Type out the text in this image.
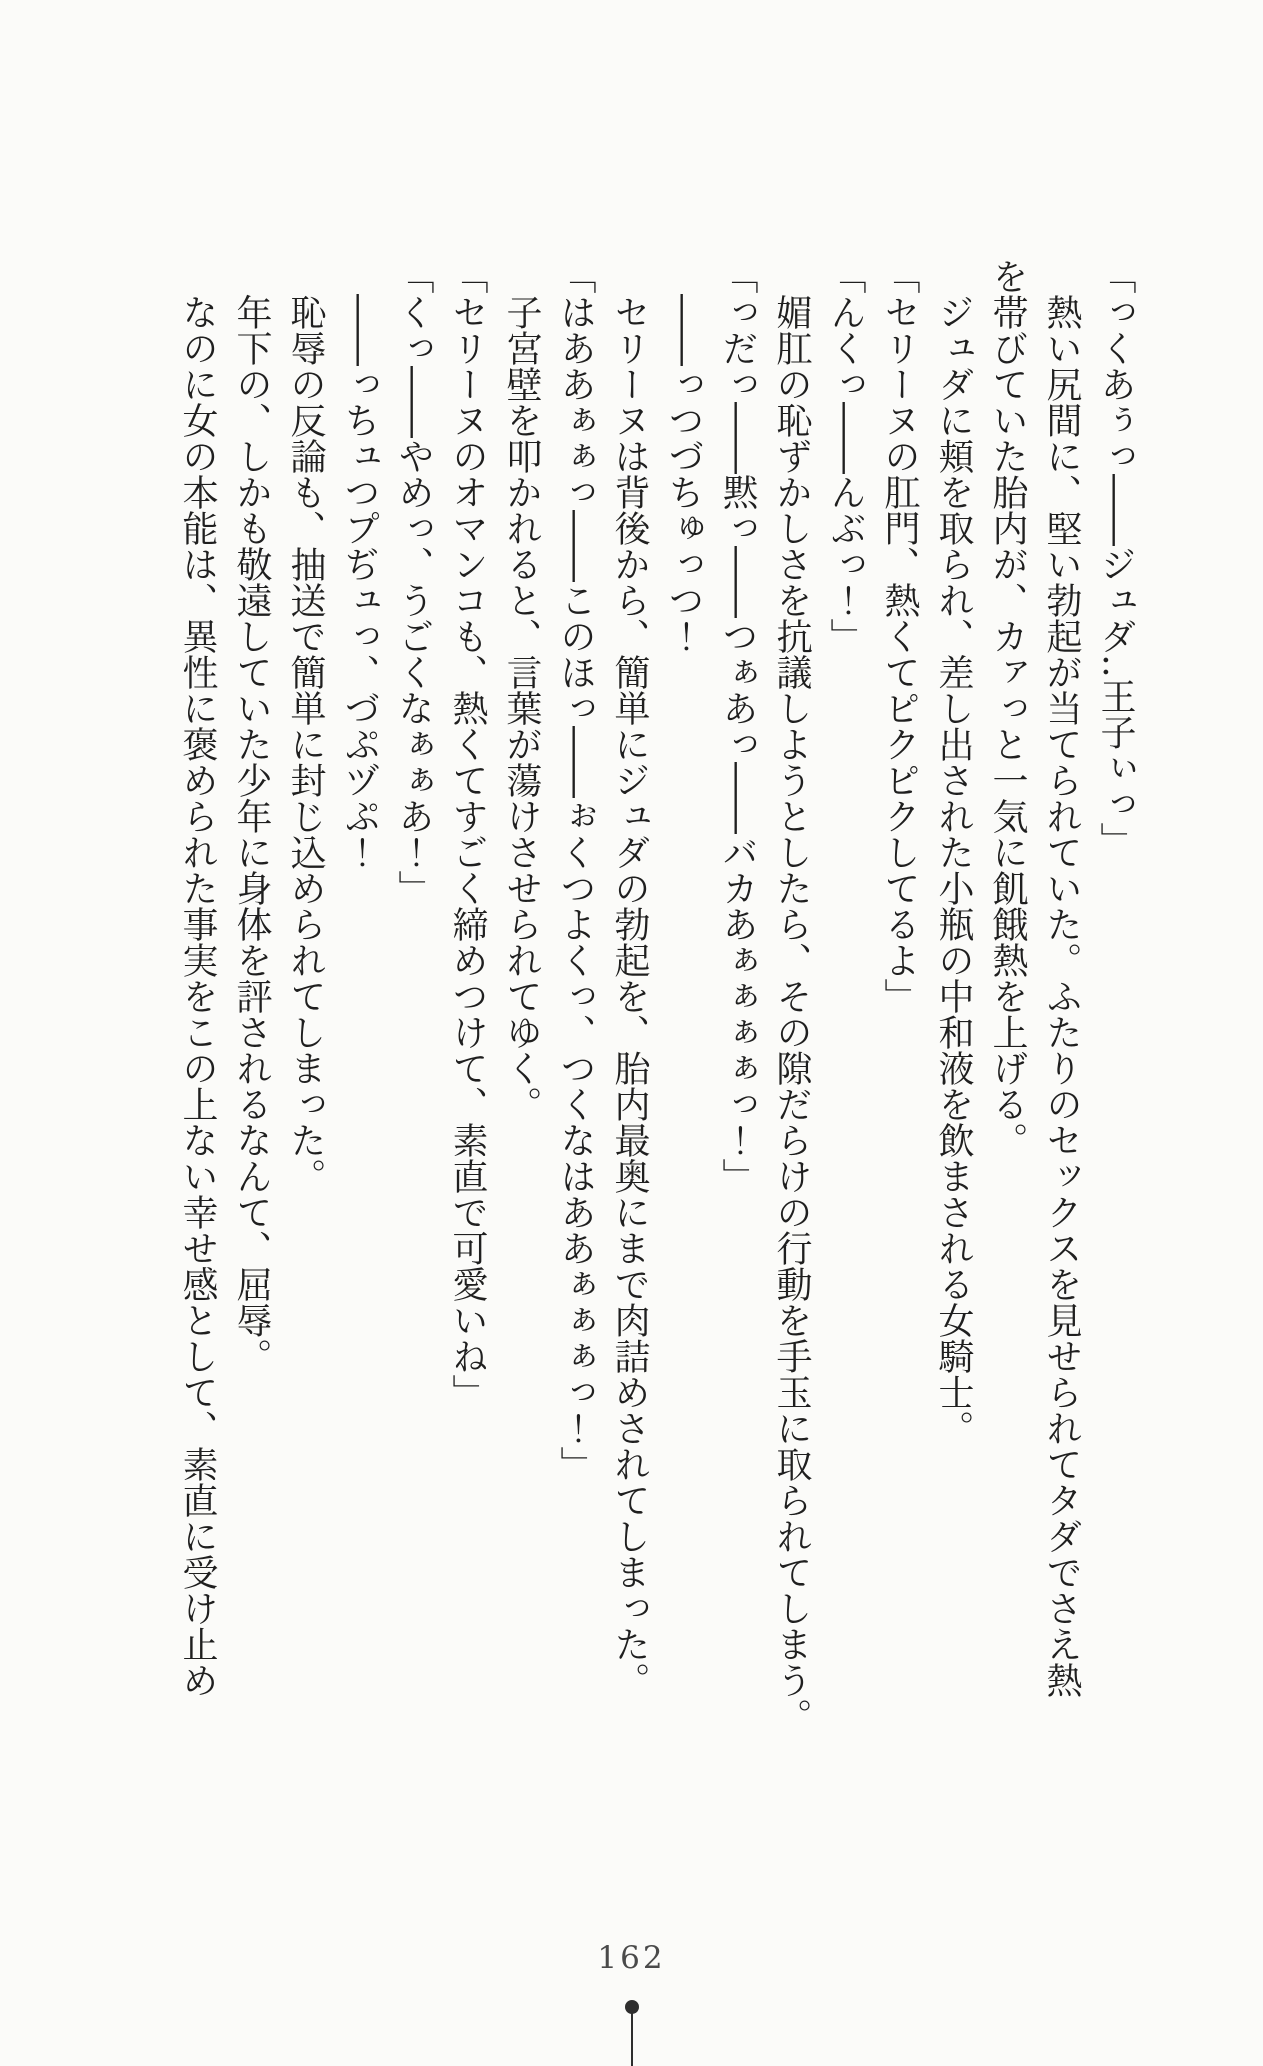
「っくあぅっ――ジュダ‥王子ぃっ」

　熱い尻間に、堅い勃起が当てられていた。ふたりのセックスを見せられてタダでさえ熱

を帯びていた胎内が、カァっと一気に飢餓熱を上げる。

　ジュダに頬を取られ、差し出された小瓶の中和液を飲まされる女騎士。

「セリーヌの肛門、熱くてピクピクしてるよ」

「んくっ――んぶっ！」

　媚肛の恥ずかしさを抗議しようとしたら、その隙だらけの行動を手玉に取られてしまう。

「っだっ――黙っ――つぁあっ――バカあぁぁぁぁっ！」

　――っつづちゅっつ！

　セリーヌは背後から、簡単にジュダの勃起を、胎内最奥にまで肉詰めされてしまった。

「はああぁぁっ――このほっ――ぉくつよくっ、つくなはああぁぁぁっ！」

　子宮壁を叩かれると、言葉が蕩けさせられてゆく。

「セリーヌのオマンコも、熱くてすごく締めつけて、素直で可愛いね」

「くっ――やめっ、うごくなぁぁあ！」

　――っちュつプぢュっ、づぷヅぷ！

　恥辱の反論も、抽送で簡単に封じ込められてしまった。

　年下の、しかも敬遠していた少年に身体を評されるなんて、屈辱。

　なのに女の本能は、異性に褒められた事実をこの上ない幸せ感として、素直に受け止め

162
